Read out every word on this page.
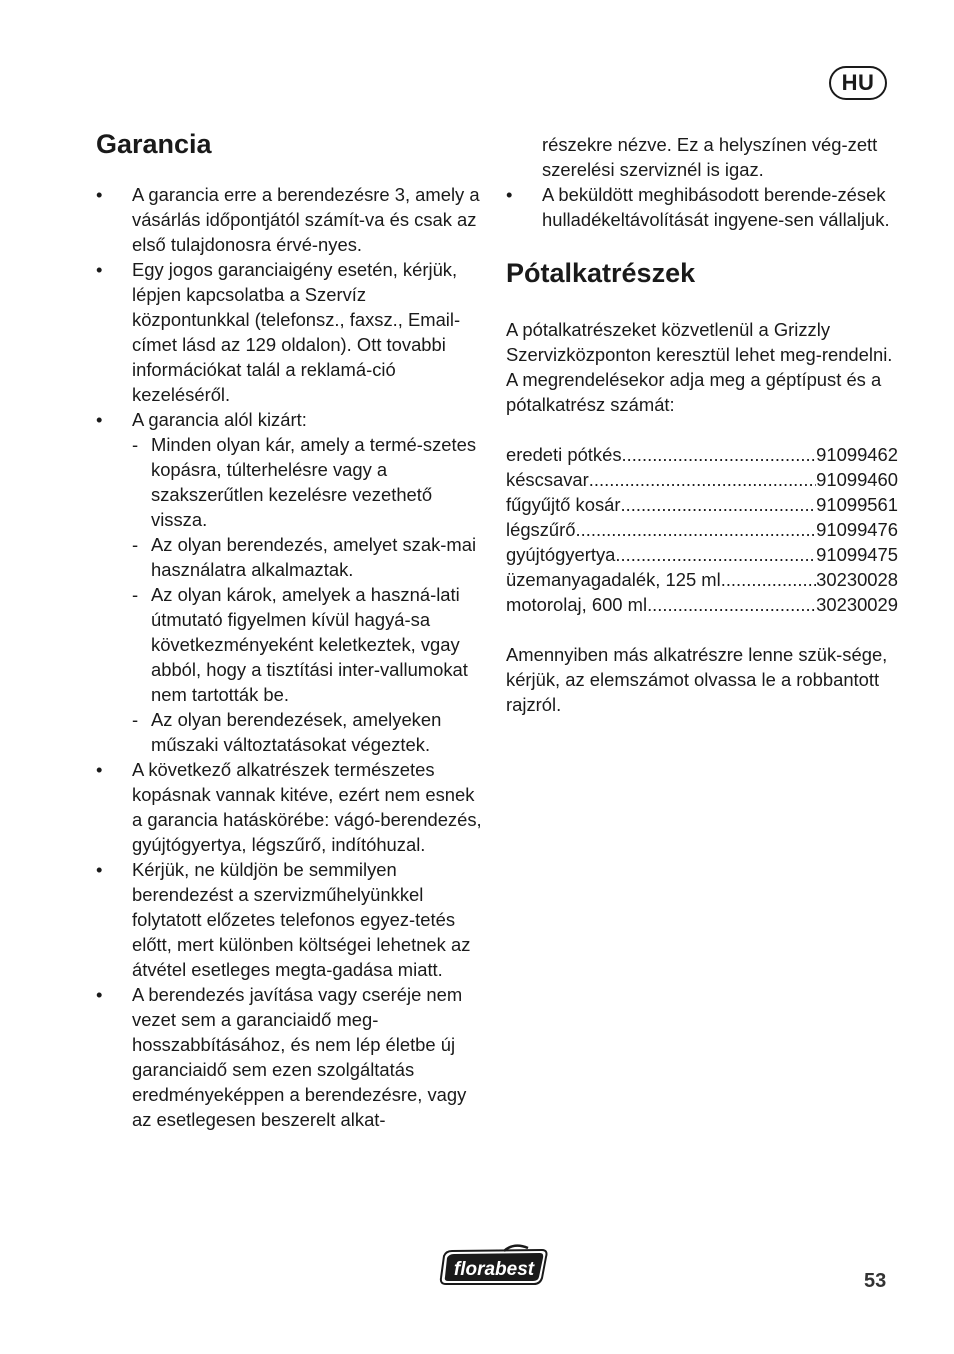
HU
Garancia
• A garancia erre a berendezésre 3, amely a vásárlás időpontjától számít-va és csak az első tulajdonosra érvé-nyes.
• Egy jogos garanciaigény esetén, kérjük, lépjen kapcsolatba a Szervíz központunkkal (telefonsz., faxsz., Email-címet lásd az 129 oldalon). Ott tovabbi információkat talál a reklamá-ció kezeléséről.
• A garancia alól kizárt:
- Minden olyan kár, amely a termé-szetes kopásra, túlterhelésre vagy a szakszerűtlen kezelésre vezethető vissza.
- Az olyan berendezés, amelyet szak-mai használatra alkalmaztak.
- Az olyan károk, amelyek a haszná-lati útmutató figyelmen kívül hagyá-sa következményeként keletkeztek, vgay abból, hogy a tisztítási inter-vallumokat nem tartották be.
- Az olyan berendezések, amelyeken műszaki változtatásokat végeztek.
• A következő alkatrészek természetes kopásnak vannak kitéve, ezért nem esnek a garancia hatáskörébe: vágó-berendezés, gyújtógyertya, légszűrő, indítóhuzal.
• Kérjük, ne küldjön be semmilyen berendezést a szervizműhelyünkkel folytatott előzetes telefonos egyez-tetés előtt, mert különben költségei lehetnek az átvétel esetleges megta-gadása miatt.
• A berendezés javítása vagy cseréje nem vezet sem a garanciaidő meg-hosszabbításához, és nem lép életbe új garanciaidő sem ezen szolgáltatás eredményeképpen a berendezésre, vagy az esetlegesen beszerelt alkat-
részekre nézve. Ez a helyszínen vég-zett szerelési szerviznél is igaz.
• A beküldött meghibásodott berende-zések hulladékeltávolítását ingyene-sen vállaljuk.
Pótalkatrészek

A pótalkatrészeket közvetlenül a Grizzly Szervizközponton keresztül lehet meg-rendelni. A megrendelésekor adja meg a géptípust és a pótalkatrész számát:

eredeti pótkés .....	91099462
késcsavar .....	91099460
fűgyűjtő kosár .....	91099561
légszűrő .....	91099476
gyújtógyertya .....	91099475
üzemanyagadalék, 125 ml .....	30230028
motorolaj, 600 ml .....	30230029

Amennyiben más alkatrészre lenne szük-sége, kérjük, az elemszámot olvassa le a robbantott rajzról.

florabest
53
